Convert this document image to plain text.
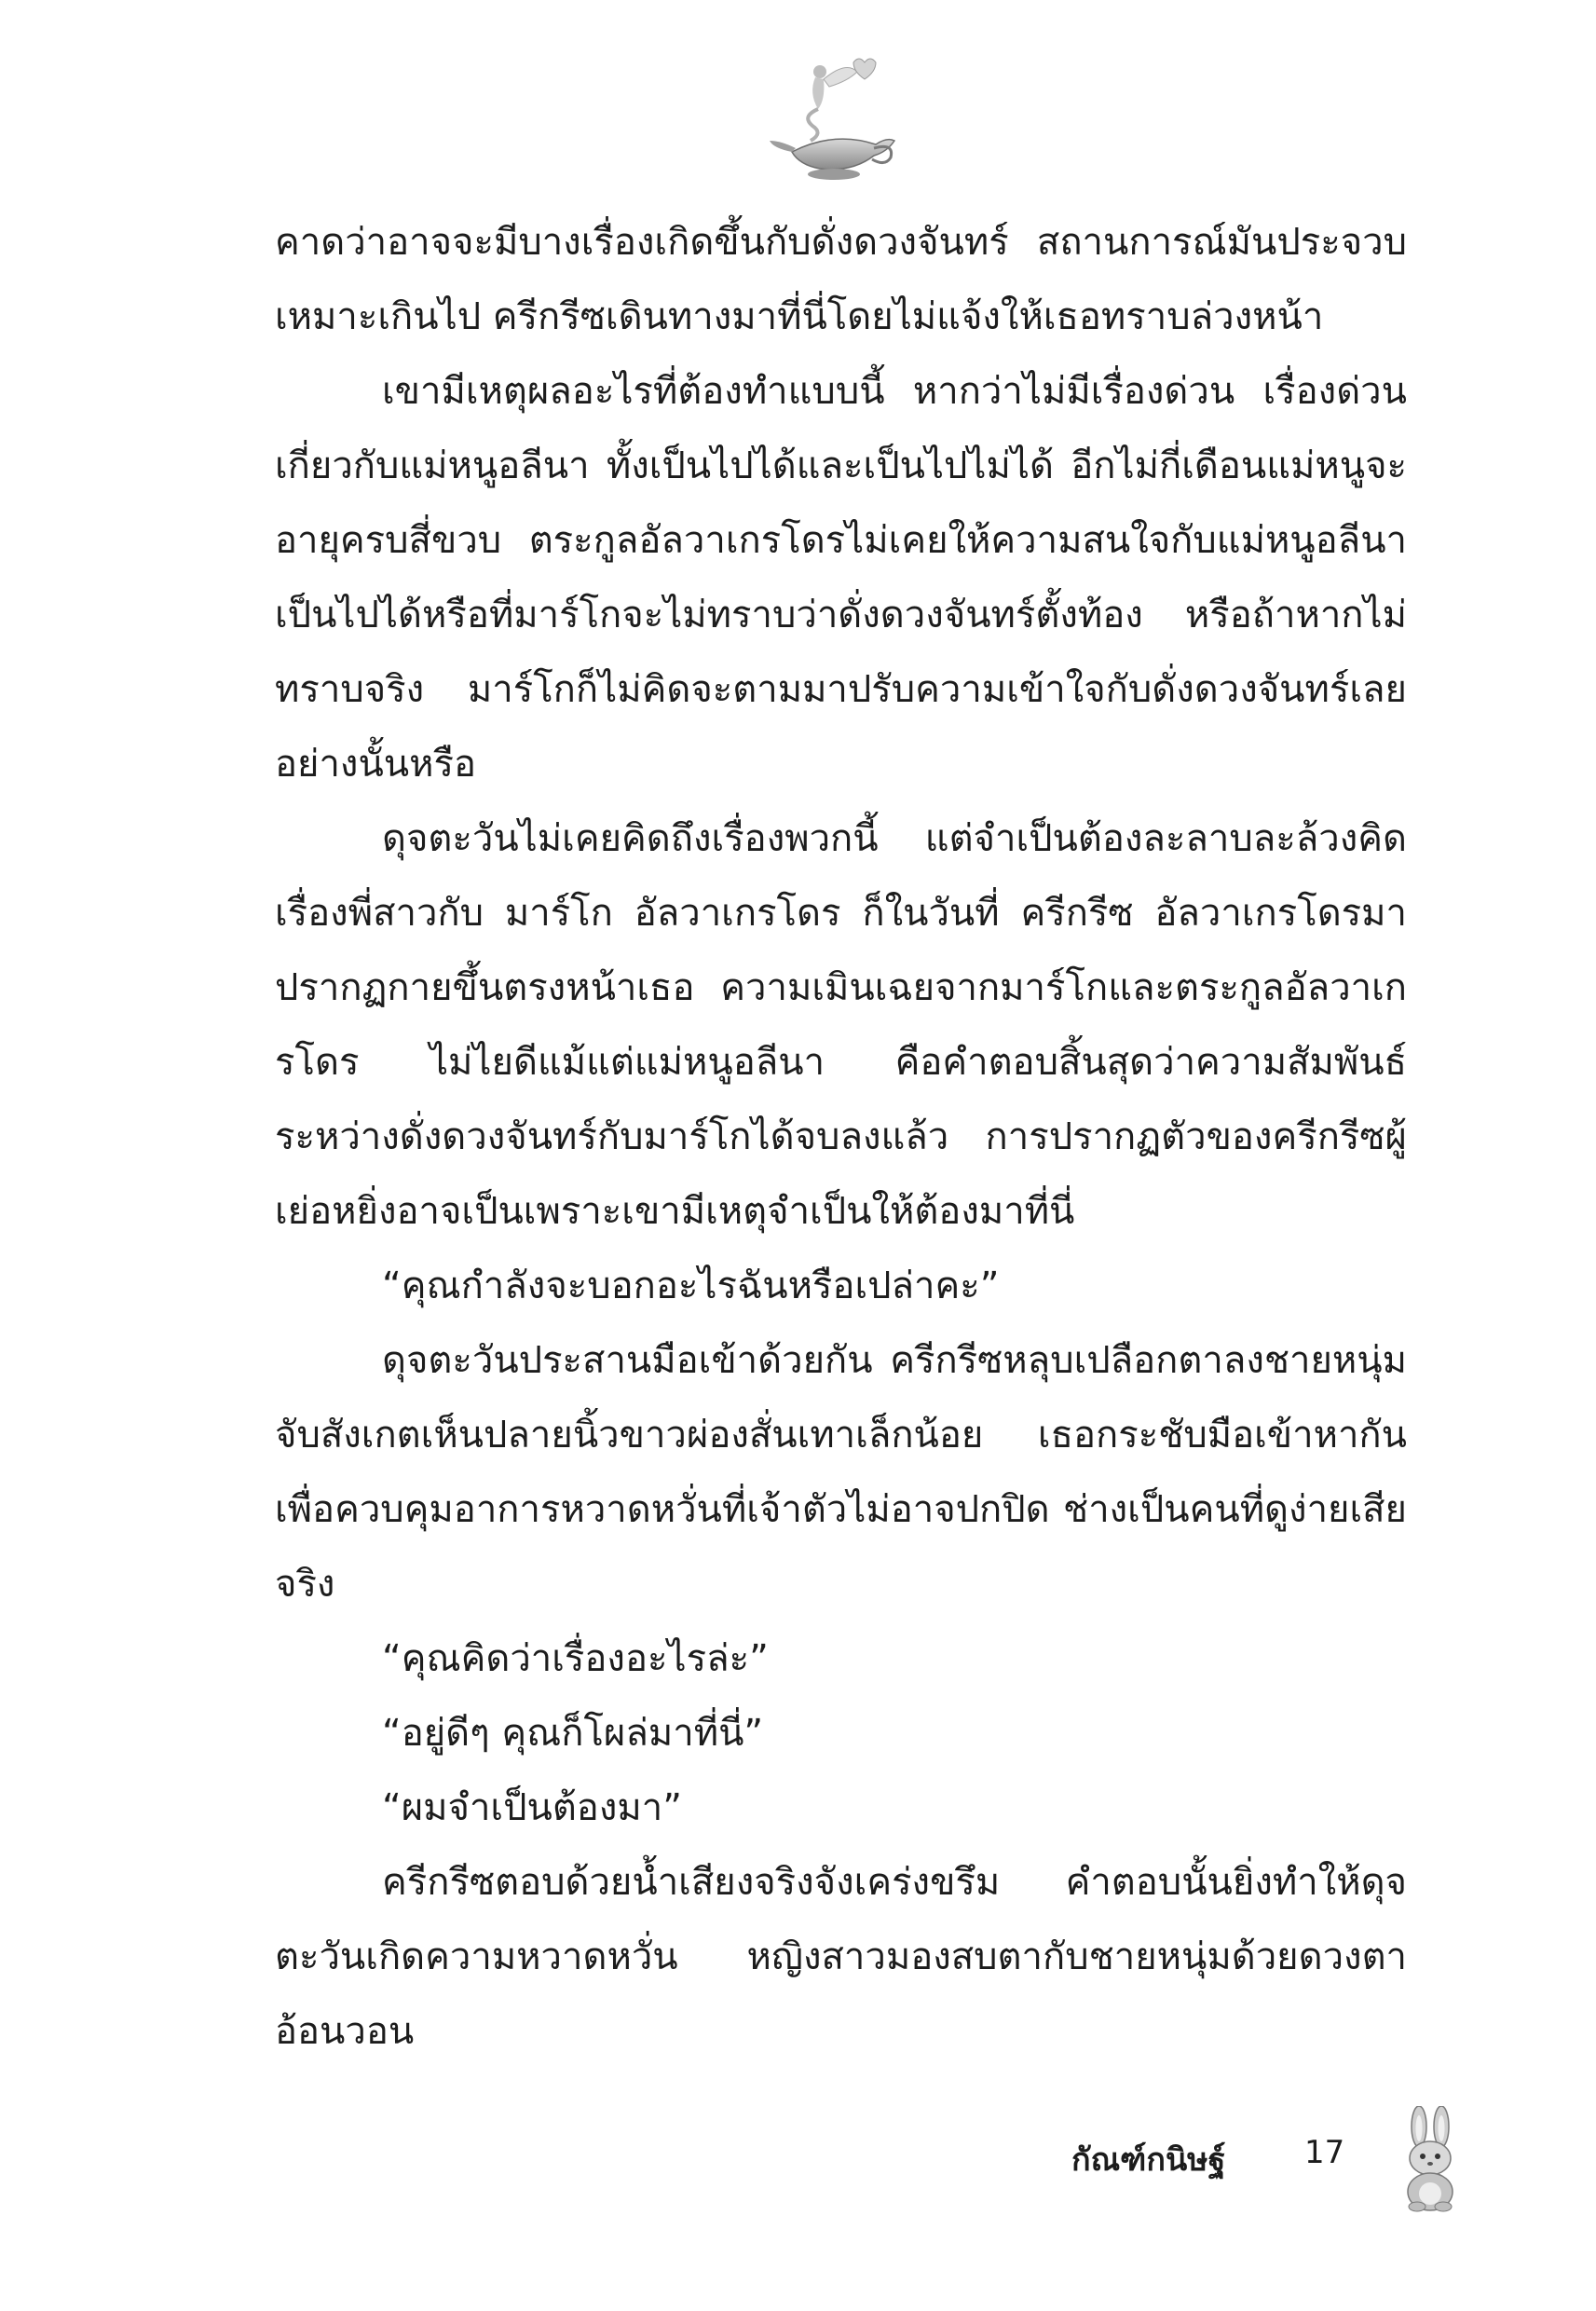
คาดว่าอาจจะมีบางเรื่องเกิดขึ้นกับดั่งดวงจันทร์ สถานการณ์มันประจวบเหมาะเกินไป ครีกรีซเดินทางมาที่นี่โดยไม่แจ้งให้เธอทราบล่วงหน้า

เขามีเหตุผลอะไรที่ต้องทำแบบนี้ หากว่าไม่มีเรื่องด่วน เรื่องด่วนเกี่ยวกับแม่หนูอลีนา ทั้งเป็นไปได้และเป็นไปไม่ได้ อีกไม่กี่เดือนแม่หนูจะอายุครบสี่ขวบ ตระกูลอัลวาเกรโดรไม่เคยให้ความสนใจกับแม่หนูอลีนา เป็นไปได้หรือที่มาร์โกจะไม่ทราบว่าดั่งดวงจันทร์ตั้งท้อง หรือถ้าหากไม่ทราบจริง มาร์โกก็ไม่คิดจะตามมาปรับความเข้าใจกับดั่งดวงจันทร์เลยอย่างนั้นหรือ

ดุจตะวันไม่เคยคิดถึงเรื่องพวกนี้ แต่จำเป็นต้องละลาบละล้วงคิดเรื่องพี่สาวกับ มาร์โก อัลวาเกรโดร ก็ในวันที่ ครีกรีซ อัลวาเกรโดรมาปรากฏกายขึ้นตรงหน้าเธอ ความเมินเฉยจากมาร์โกและตระกูลอัลวาเกรโดร ไม่ไยดีแม้แต่แม่หนูอลีนา คือคำตอบสิ้นสุดว่าความสัมพันธ์ระหว่างดั่งดวงจันทร์กับมาร์โกได้จบลงแล้ว การปรากฏตัวของครีกรีซผู้เย่อหยิ่งอาจเป็นเพราะเขามีเหตุจำเป็นให้ต้องมาที่นี่

“คุณกำลังจะบอกอะไรฉันหรือเปล่าคะ”

ดุจตะวันประสานมือเข้าด้วยกัน ครีกรีซหลุบเปลือกตาลงชายหนุ่มจับสังเกตเห็นปลายนิ้วขาวผ่องสั่นเทาเล็กน้อย เธอกระชับมือเข้าหากันเพื่อควบคุมอาการหวาดหวั่นที่เจ้าตัวไม่อาจปกปิด ช่างเป็นคนที่ดูง่ายเสียจริง

“คุณคิดว่าเรื่องอะไรล่ะ”

“อยู่ดีๆ คุณก็โผล่มาที่นี่”

“ผมจำเป็นต้องมา”

ครีกรีซตอบด้วยน้ำเสียงจริงจังเคร่งขรึม คำตอบนั้นยิ่งทำให้ดุจตะวันเกิดความหวาดหวั่น หญิงสาวมองสบตากับชายหนุ่มด้วยดวงตาอ้อนวอน

กัณฑ์กนิษฐ์ 17
